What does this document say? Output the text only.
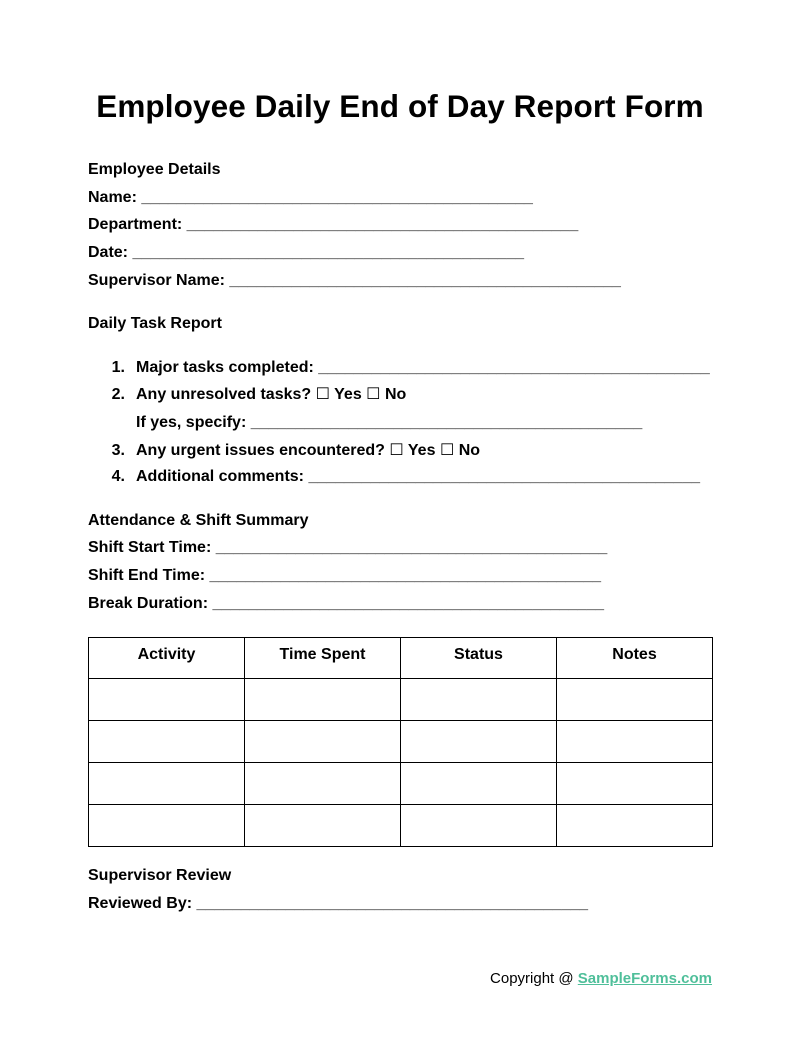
Employee Daily End of Day Report Form
Employee Details
Name: ____________________________________________
Department: ____________________________________________
Date: ____________________________________________
Supervisor Name: ____________________________________________
Daily Task Report
1. Major tasks completed: ____________________________________________
2. Any unresolved tasks? ☐ Yes ☐ No
If yes, specify: ____________________________________________
3. Any urgent issues encountered? ☐ Yes ☐ No
4. Additional comments: ____________________________________________
Attendance & Shift Summary
Shift Start Time: ____________________________________________
Shift End Time: ____________________________________________
Break Duration: ____________________________________________
Activity	Time Spent	Status	Notes

Supervisor Review
Reviewed By: ____________________________________________
Copyright @ SampleForms.com
